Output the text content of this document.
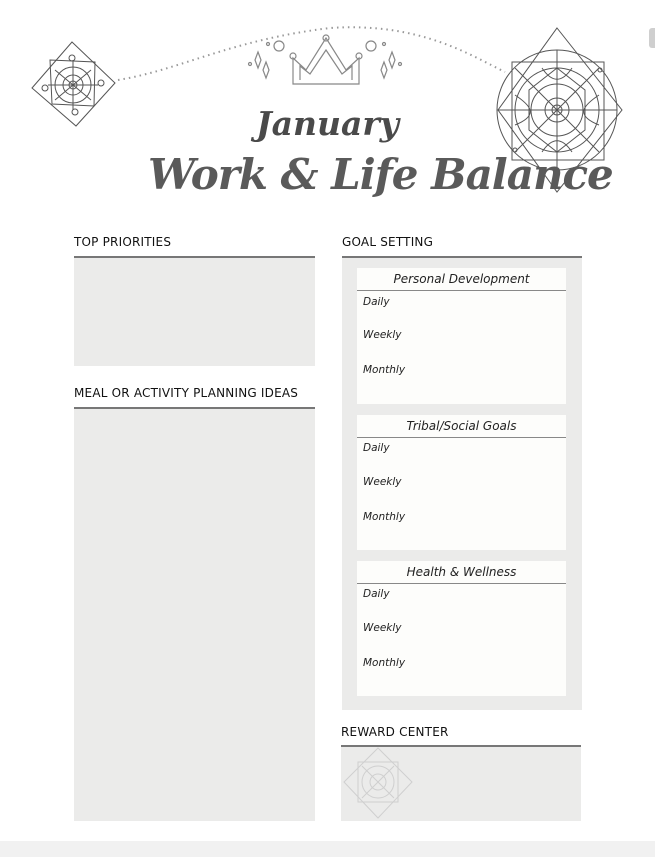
January
Work & Life Balance
TOP PRIORITIES
MEAL OR ACTIVITY PLANNING IDEAS
GOAL SETTING
Personal Development
Daily
Weekly
Monthly
Tribal/Social Goals
Daily
Weekly
Monthly
Health & Wellness
Daily
Weekly
Monthly
REWARD CENTER
